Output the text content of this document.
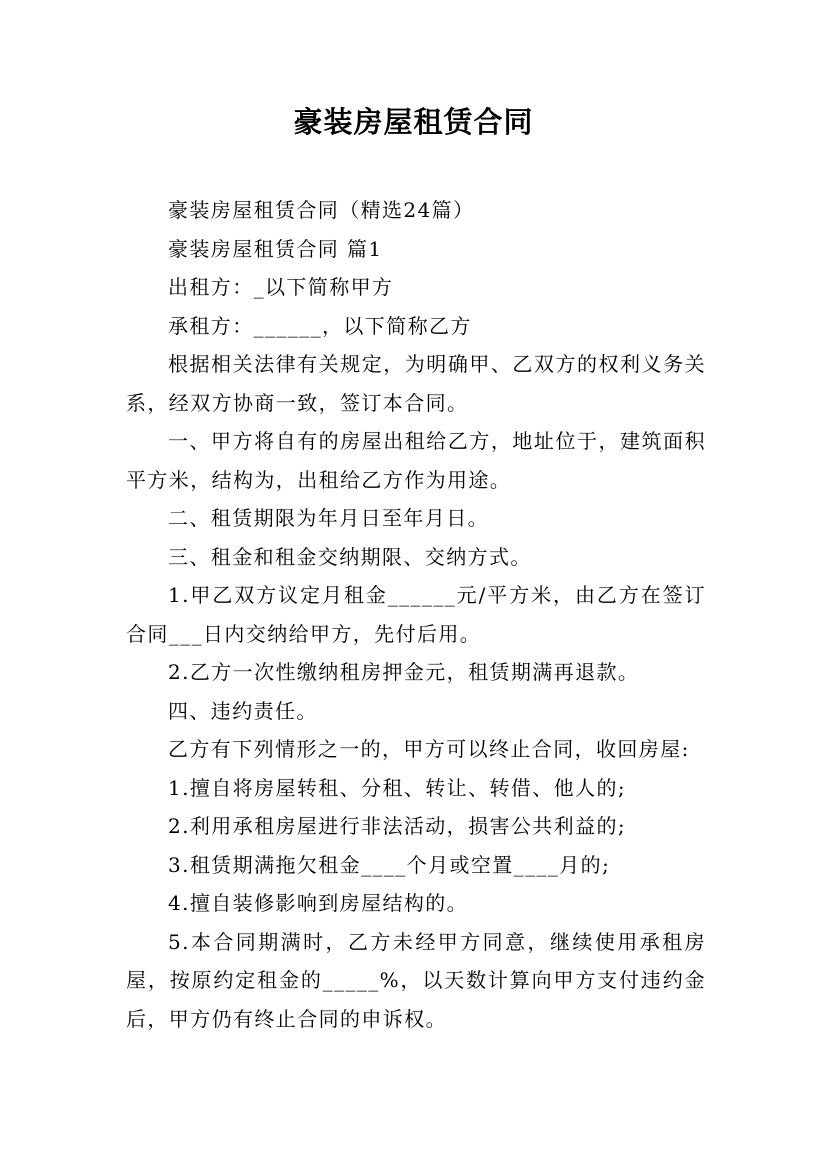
豪装房屋租赁合同

豪装房屋租赁合同（精选24篇）

豪装房屋租赁合同 篇1

出租方：_以下简称甲方

承租方：______，以下简称乙方

根据相关法律有关规定，为明确甲、乙双方的权利义务关系，经双方协商一致，签订本合同。

一、甲方将自有的房屋出租给乙方，地址位于，建筑面积平方米，结构为，出租给乙方作为用途。

二、租赁期限为年月日至年月日。

三、租金和租金交纳期限、交纳方式。

1.甲乙双方议定月租金______元/平方米，由乙方在签订合同___日内交纳给甲方，先付后用。

2.乙方一次性缴纳租房押金元，租赁期满再退款。

四、违约责任。

乙方有下列情形之一的，甲方可以终止合同，收回房屋:

1.擅自将房屋转租、分租、转让、转借、他人的;

2.利用承租房屋进行非法活动，损害公共利益的;

3.租赁期满拖欠租金____个月或空置____月的;

4.擅自装修影响到房屋结构的。

5.本合同期满时，乙方未经甲方同意，继续使用承租房屋，按原约定租金的_____%，以天数计算向甲方支付违约金后，甲方仍有终止合同的申诉权。
